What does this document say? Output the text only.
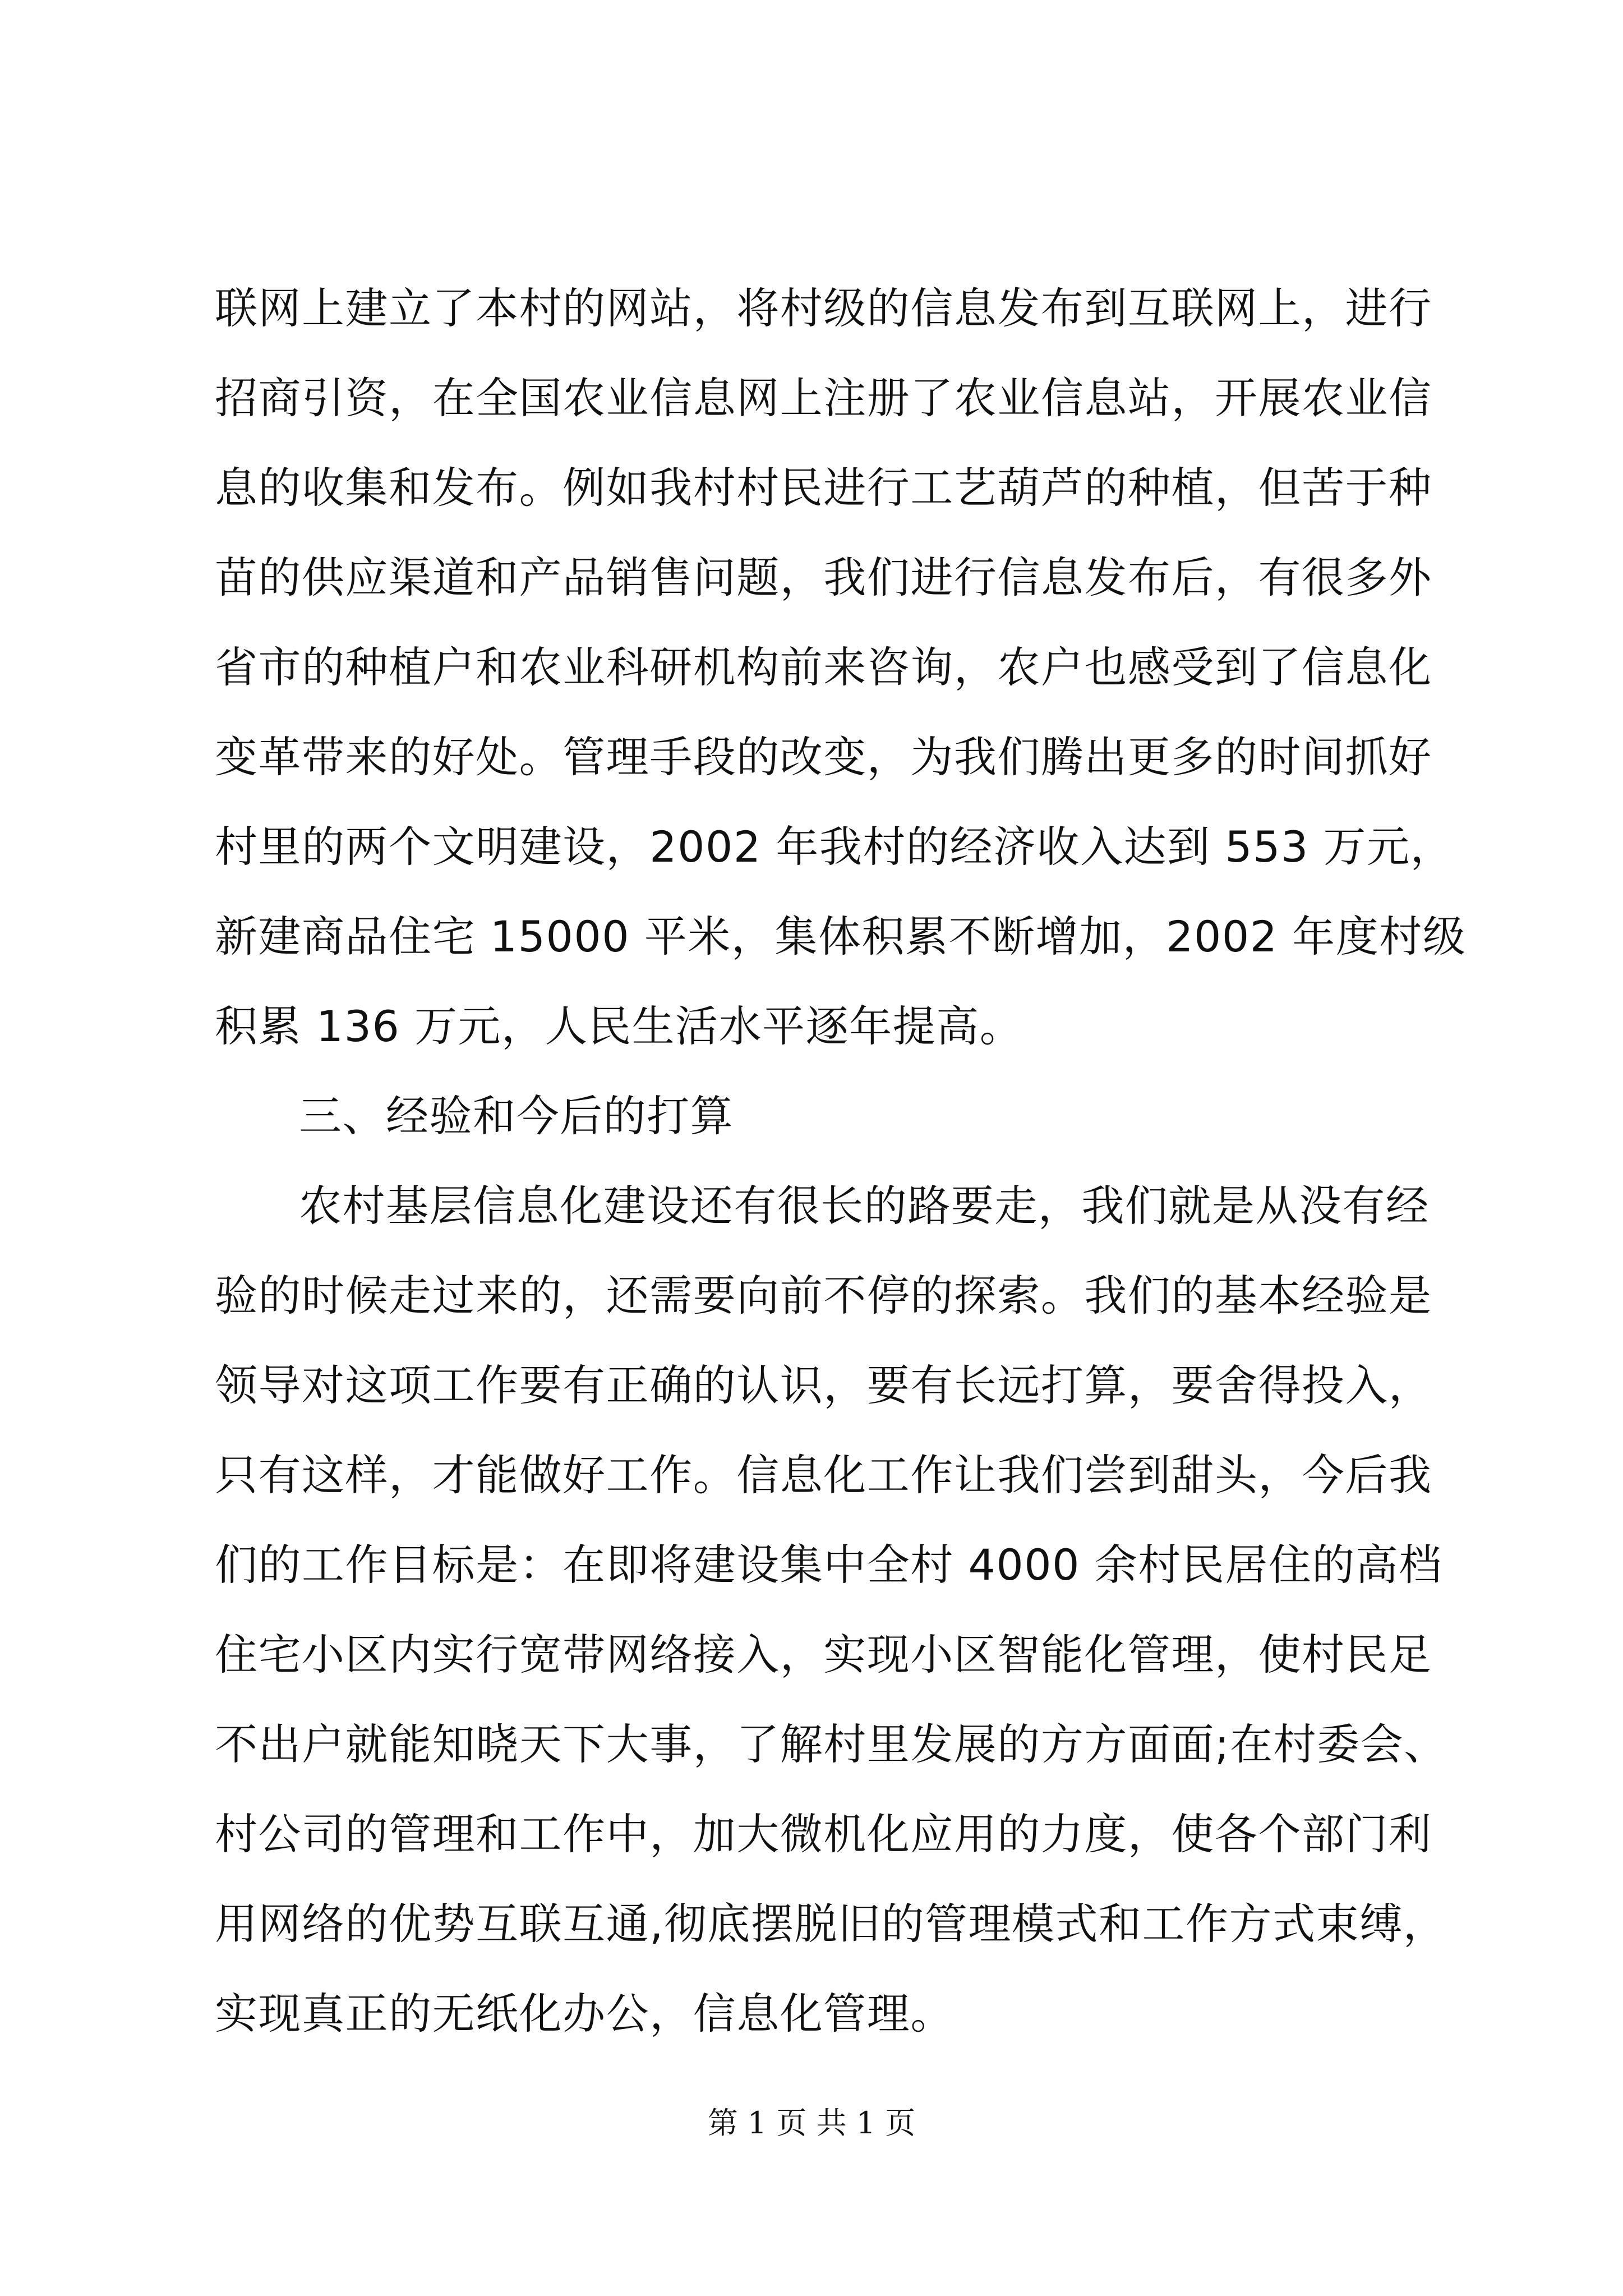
联网上建立了本村的网站，将村级的信息发布到互联网上，进行
招商引资，在全国农业信息网上注册了农业信息站，开展农业信
息的收集和发布。例如我村村民进行工艺葫芦的种植，但苦于种
苗的供应渠道和产品销售问题，我们进行信息发布后，有很多外
省市的种植户和农业科研机构前来咨询，农户也感受到了信息化
变革带来的好处。管理手段的改变，为我们腾出更多的时间抓好
村里的两个文明建设，2002 年我村的经济收入达到 553 万元，
新建商品住宅 15000 平米，集体积累不断增加，2002 年度村级
积累 136 万元，人民生活水平逐年提高。
三、经验和今后的打算
农村基层信息化建设还有很长的路要走，我们就是从没有经
验的时候走过来的，还需要向前不停的探索。我们的基本经验是
领导对这项工作要有正确的认识，要有长远打算，要舍得投入，
只有这样，才能做好工作。信息化工作让我们尝到甜头，今后我
们的工作目标是：在即将建设集中全村 4000 余村民居住的高档
住宅小区内实行宽带网络接入，实现小区智能化管理，使村民足
不出户就能知晓天下大事，了解村里发展的方方面面;在村委会、
村公司的管理和工作中，加大微机化应用的力度，使各个部门利
用网络的优势互联互通,彻底摆脱旧的管理模式和工作方式束缚，
实现真正的无纸化办公，信息化管理。
第 1 页 共 1 页
